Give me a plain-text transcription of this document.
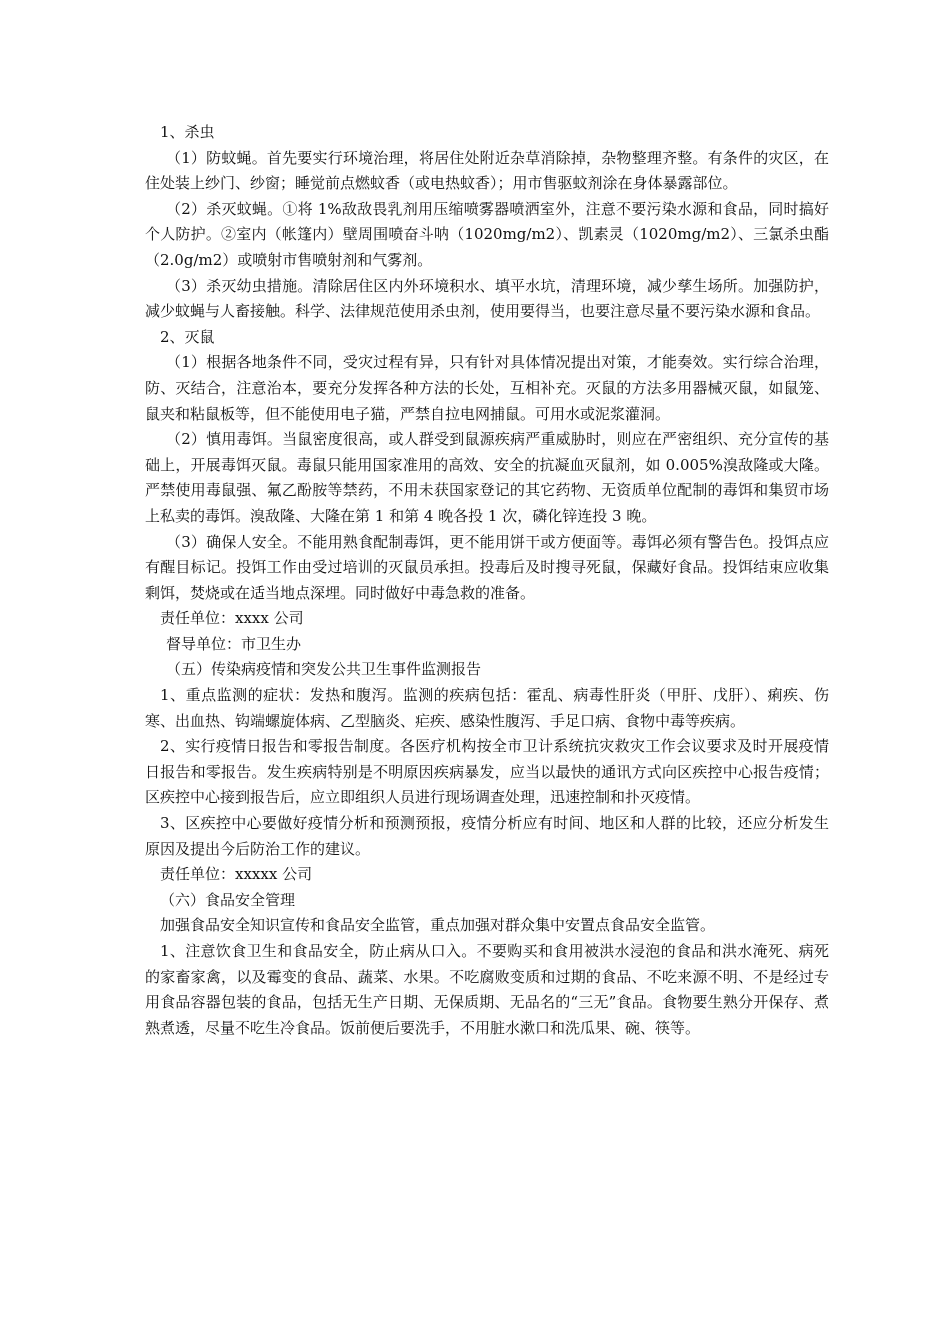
1、杀虫

（1）防蚊蝇。首先要实行环境治理，将居住处附近杂草消除掉，杂物整理齐整。有条件的灾区，在住处装上纱门、纱窗；睡觉前点燃蚊香（或电热蚊香）；用市售驱蚊剂涂在身体暴露部位。

（2）杀灭蚊蝇。①将 1%敌敌畏乳剂用压缩喷雾器喷洒室外，注意不要污染水源和食品，同时搞好个人防护。②室内（帐篷内）壁周围喷奋斗呐（1020mg/m2）、凯素灵（1020mg/m2）、三氯杀虫酯（2.0g/m2）或喷射市售喷射剂和气雾剂。

（3）杀灭幼虫措施。清除居住区内外环境积水、填平水坑，清理环境，减少孳生场所。加强防护，减少蚊蝇与人畜接触。科学、法律规范使用杀虫剂，使用要得当，也要注意尽量不要污染水源和食品。

2、灭鼠

（1）根据各地条件不同，受灾过程有异，只有针对具体情况提出对策，才能奏效。实行综合治理，防、灭结合，注意治本，要充分发挥各种方法的长处，互相补充。灭鼠的方法多用器械灭鼠，如鼠笼、鼠夹和粘鼠板等，但不能使用电子猫，严禁自拉电网捕鼠。可用水或泥浆灌洞。

（2）慎用毒饵。当鼠密度很高，或人群受到鼠源疾病严重威胁时，则应在严密组织、充分宣传的基础上，开展毒饵灭鼠。毒鼠只能用国家准用的高效、安全的抗凝血灭鼠剂，如 0.005%溴敌隆或大隆。严禁使用毒鼠强、氟乙酚胺等禁药，不用未获国家登记的其它药物、无资质单位配制的毒饵和集贸市场上私卖的毒饵。溴敌隆、大隆在第 1 和第 4 晚各投 1 次，磷化锌连投 3 晚。

（3）确保人安全。不能用熟食配制毒饵，更不能用饼干或方便面等。毒饵必须有警告色。投饵点应有醒目标记。投饵工作由受过培训的灭鼠员承担。投毒后及时搜寻死鼠，保藏好食品。投饵结束应收集剩饵，焚烧或在适当地点深埋。同时做好中毒急救的准备。

责任单位：xxxx 公司

督导单位：市卫生办

（五）传染病疫情和突发公共卫生事件监测报告

1、重点监测的症状：发热和腹泻。监测的疾病包括：霍乱、病毒性肝炎（甲肝、戊肝）、痢疾、伤寒、出血热、钩端螺旋体病、乙型脑炎、疟疾、感染性腹泻、手足口病、食物中毒等疾病。

2、实行疫情日报告和零报告制度。各医疗机构按全市卫计系统抗灾救灾工作会议要求及时开展疫情日报告和零报告。发生疾病特别是不明原因疾病暴发，应当以最快的通讯方式向区疾控中心报告疫情；区疾控中心接到报告后，应立即组织人员进行现场调查处理，迅速控制和扑灭疫情。

3、区疾控中心要做好疫情分析和预测预报，疫情分析应有时间、地区和人群的比较，还应分析发生原因及提出今后防治工作的建议。

责任单位：xxxxx 公司

（六）食品安全管理

加强食品安全知识宣传和食品安全监管，重点加强对群众集中安置点食品安全监管。

1、注意饮食卫生和食品安全，防止病从口入。不要购买和食用被洪水浸泡的食品和洪水淹死、病死的家畜家禽，以及霉变的食品、蔬菜、水果。不吃腐败变质和过期的食品、不吃来源不明、不是经过专用食品容器包装的食品，包括无生产日期、无保质期、无品名的“三无”食品。食物要生熟分开保存、煮熟煮透，尽量不吃生冷食品。饭前便后要洗手，不用脏水漱口和洗瓜果、碗、筷等。
